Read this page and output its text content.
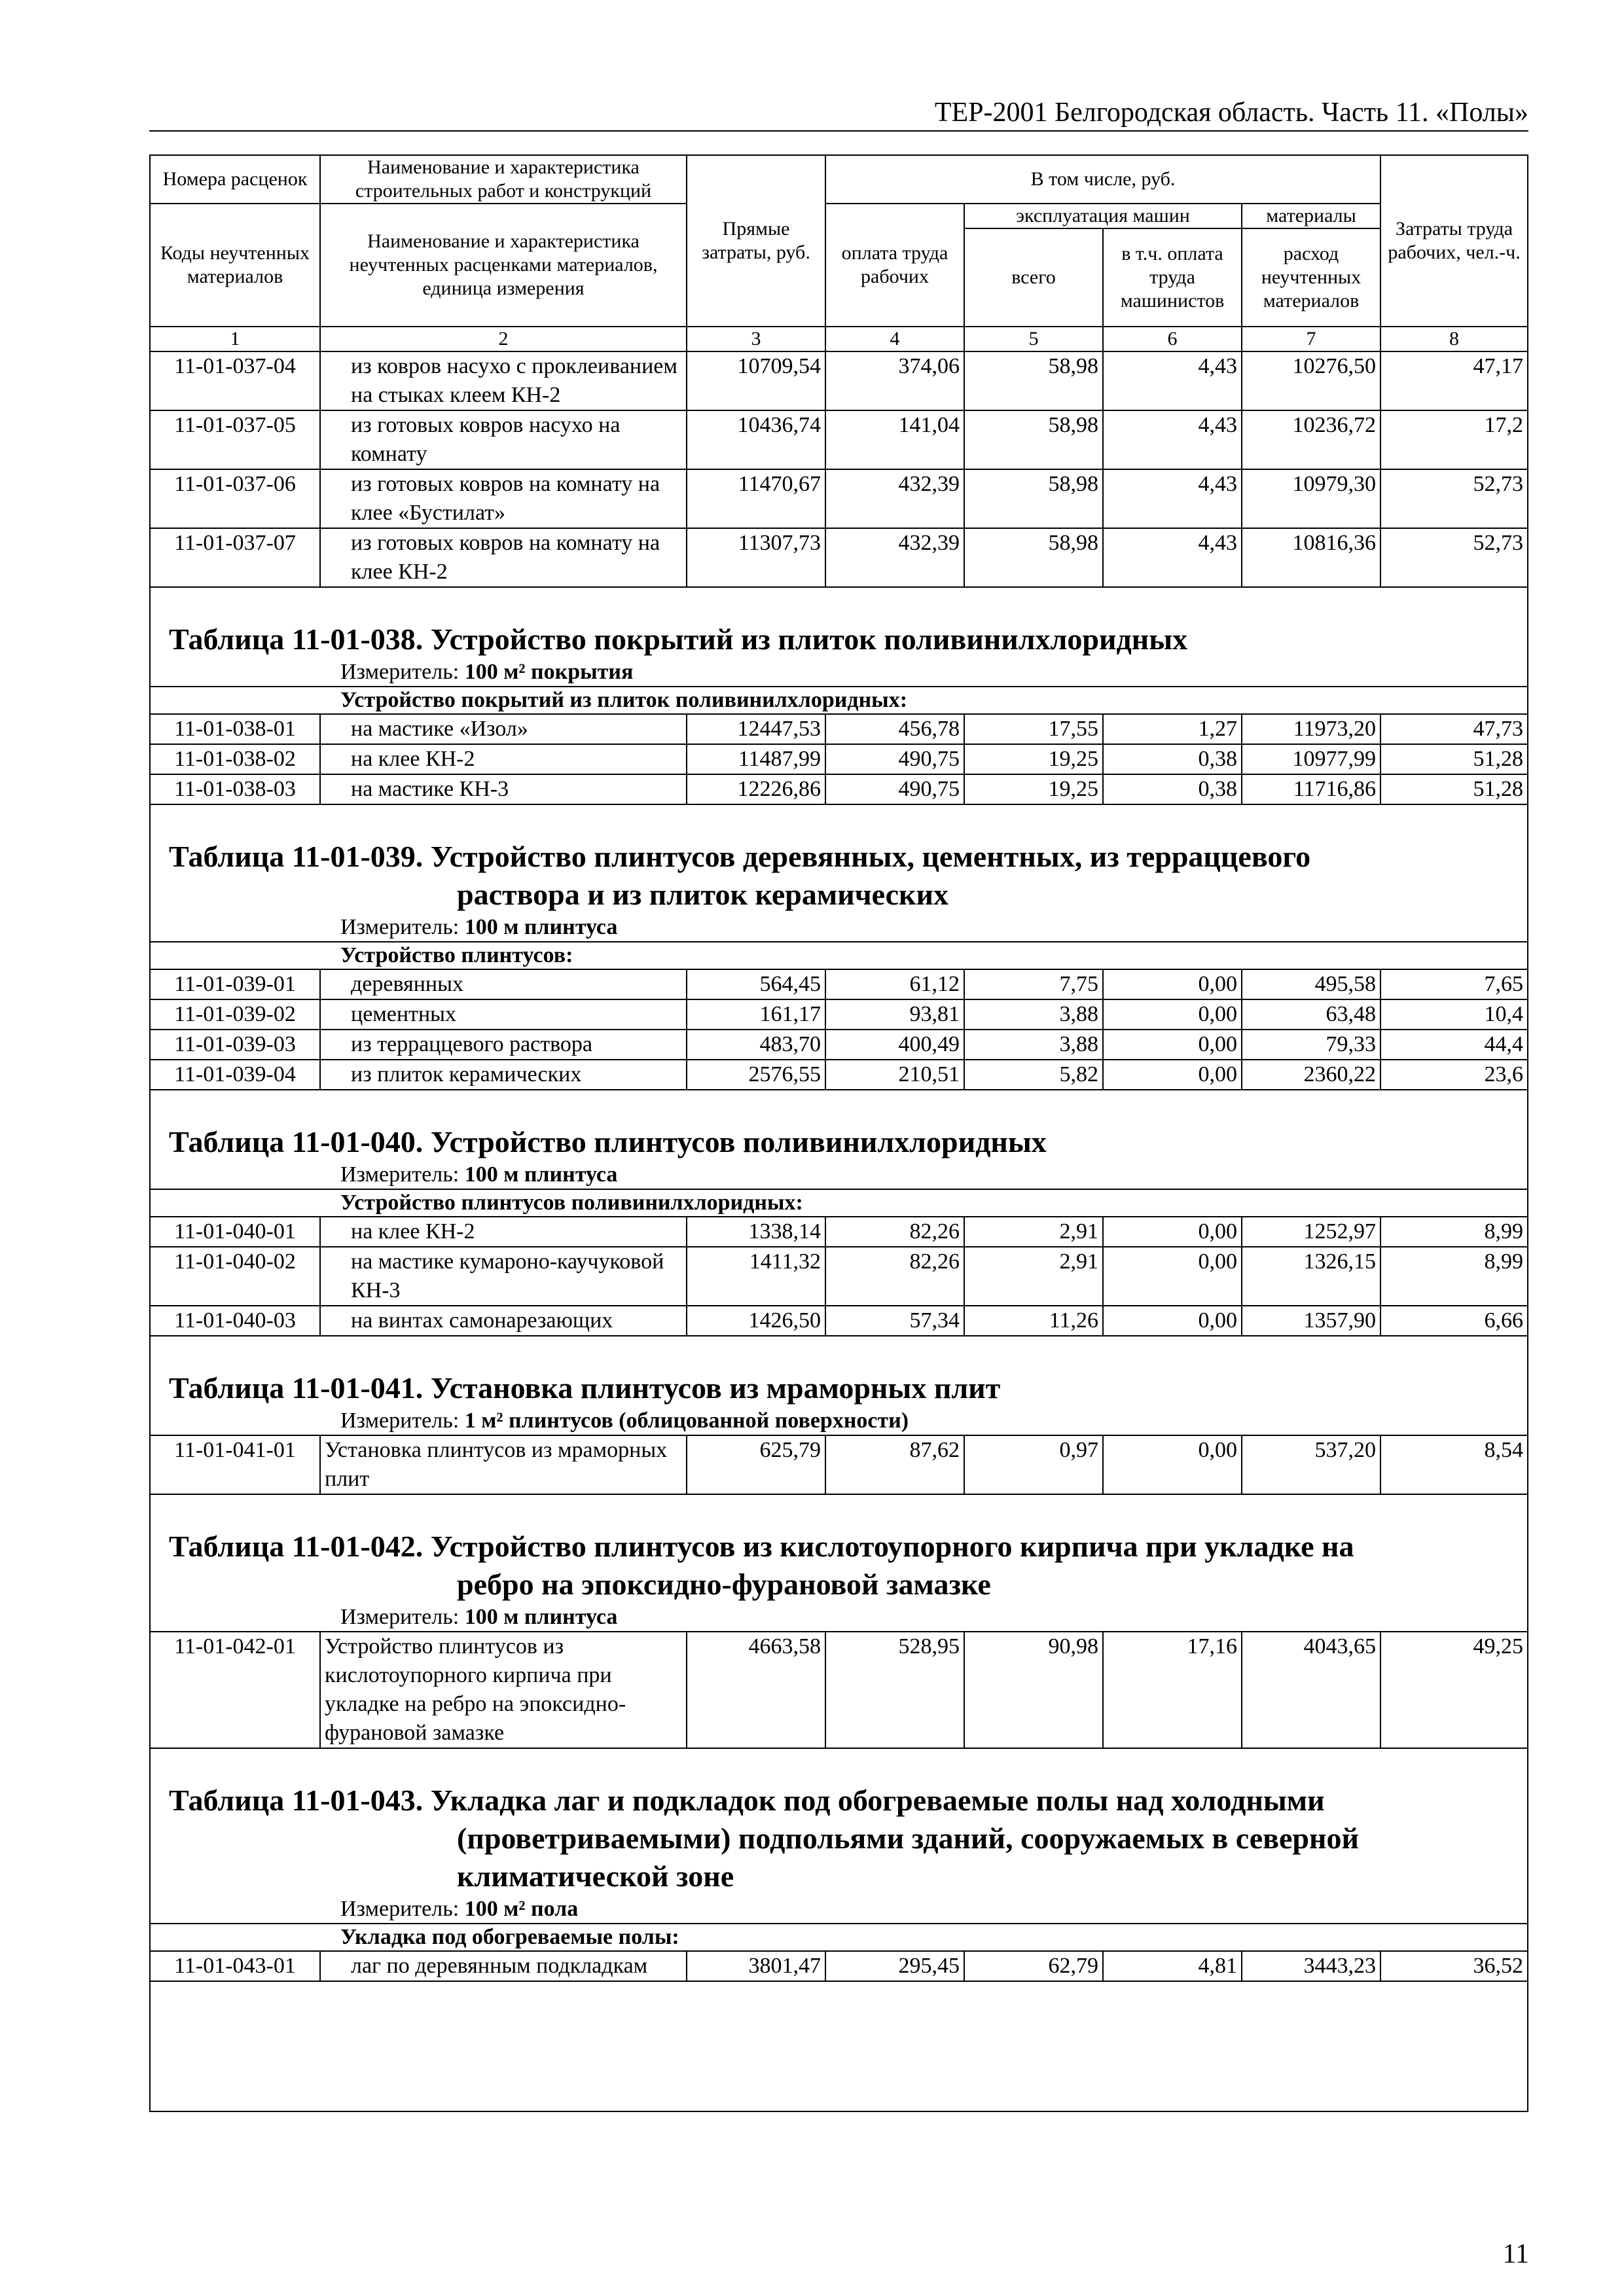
ТЕР-2001 Белгородская область. Часть 11. «Полы»
Номера расценок	Наименование и характеристика строительных работ и конструкций	Прямые затраты, руб.	В том числе, руб.				Затраты труда рабочих, чел.-ч.
Коды неучтенных материалов	Наименование и характеристика неучтенных расценками материалов, единица измерения		оплата труда рабочих	эксплуатация машин		материалы	
				всего	в т.ч. оплата труда машинистов	расход неучтенных материалов	
1	2	3	4	5	6	7	8
11-01-037-04	из ковров насухо с проклеиванием на стыках клеем КН-2	10709,54	374,06	58,98	4,43	10276,50	47,17
11-01-037-05	из готовых ковров насухо на комнату	10436,74	141,04	58,98	4,43	10236,72	17,2
11-01-037-06	из готовых ковров на комнату на клее «Бустилат»	11470,67	432,39	58,98	4,43	10979,30	52,73
11-01-037-07	из готовых ковров на комнату на клее КН-2	11307,73	432,39	58,98	4,43	10816,36	52,73
Таблица 11-01-038. Устройство покрытий из плиток поливинилхлоридных
Измеритель: 100 м² покрытия
Устройство покрытий из плиток поливинилхлоридных:
11-01-038-01	на мастике «Изол»	12447,53	456,78	17,55	1,27	11973,20	47,73
11-01-038-02	на клее КН-2	11487,99	490,75	19,25	0,38	10977,99	51,28
11-01-038-03	на мастике КН-3	12226,86	490,75	19,25	0,38	11716,86	51,28
Таблица 11-01-039. Устройство плинтусов деревянных, цементных, из терраццевого
раствора и из плиток керамических
Измеритель: 100 м плинтуса
Устройство плинтусов:
11-01-039-01	деревянных	564,45	61,12	7,75	0,00	495,58	7,65
11-01-039-02	цементных	161,17	93,81	3,88	0,00	63,48	10,4
11-01-039-03	из терраццевого раствора	483,70	400,49	3,88	0,00	79,33	44,4
11-01-039-04	из плиток керамических	2576,55	210,51	5,82	0,00	2360,22	23,6
Таблица 11-01-040. Устройство плинтусов поливинилхлоридных
Измеритель: 100 м плинтуса
Устройство плинтусов поливинилхлоридных:
11-01-040-01	на клее КН-2	1338,14	82,26	2,91	0,00	1252,97	8,99
11-01-040-02	на мастике кумароно-каучуковой КН-3	1411,32	82,26	2,91	0,00	1326,15	8,99
11-01-040-03	на винтах самонарезающих	1426,50	57,34	11,26	0,00	1357,90	6,66
Таблица 11-01-041. Установка плинтусов из мраморных плит
Измеритель: 1 м² плинтусов (облицованной поверхности)
11-01-041-01	Установка плинтусов из мраморных плит	625,79	87,62	0,97	0,00	537,20	8,54
Таблица 11-01-042. Устройство плинтусов из кислотоупорного кирпича при укладке на
ребро на эпоксидно-фурановой замазке
Измеритель: 100 м плинтуса
11-01-042-01	Устройство плинтусов из кислотоупорного кирпича при укладке на ребро на эпоксидно-фурановой замазке	4663,58	528,95	90,98	17,16	4043,65	49,25
Таблица 11-01-043. Укладка лаг и подкладок под обогреваемые полы над холодными
(проветриваемыми) подпольями зданий, сооружаемых в северной
климатической зоне
Измеритель: 100 м² пола
Укладка под обогреваемые полы:
11-01-043-01	лаг по деревянным подкладкам	3801,47	295,45	62,79	4,81	3443,23	36,52
11
